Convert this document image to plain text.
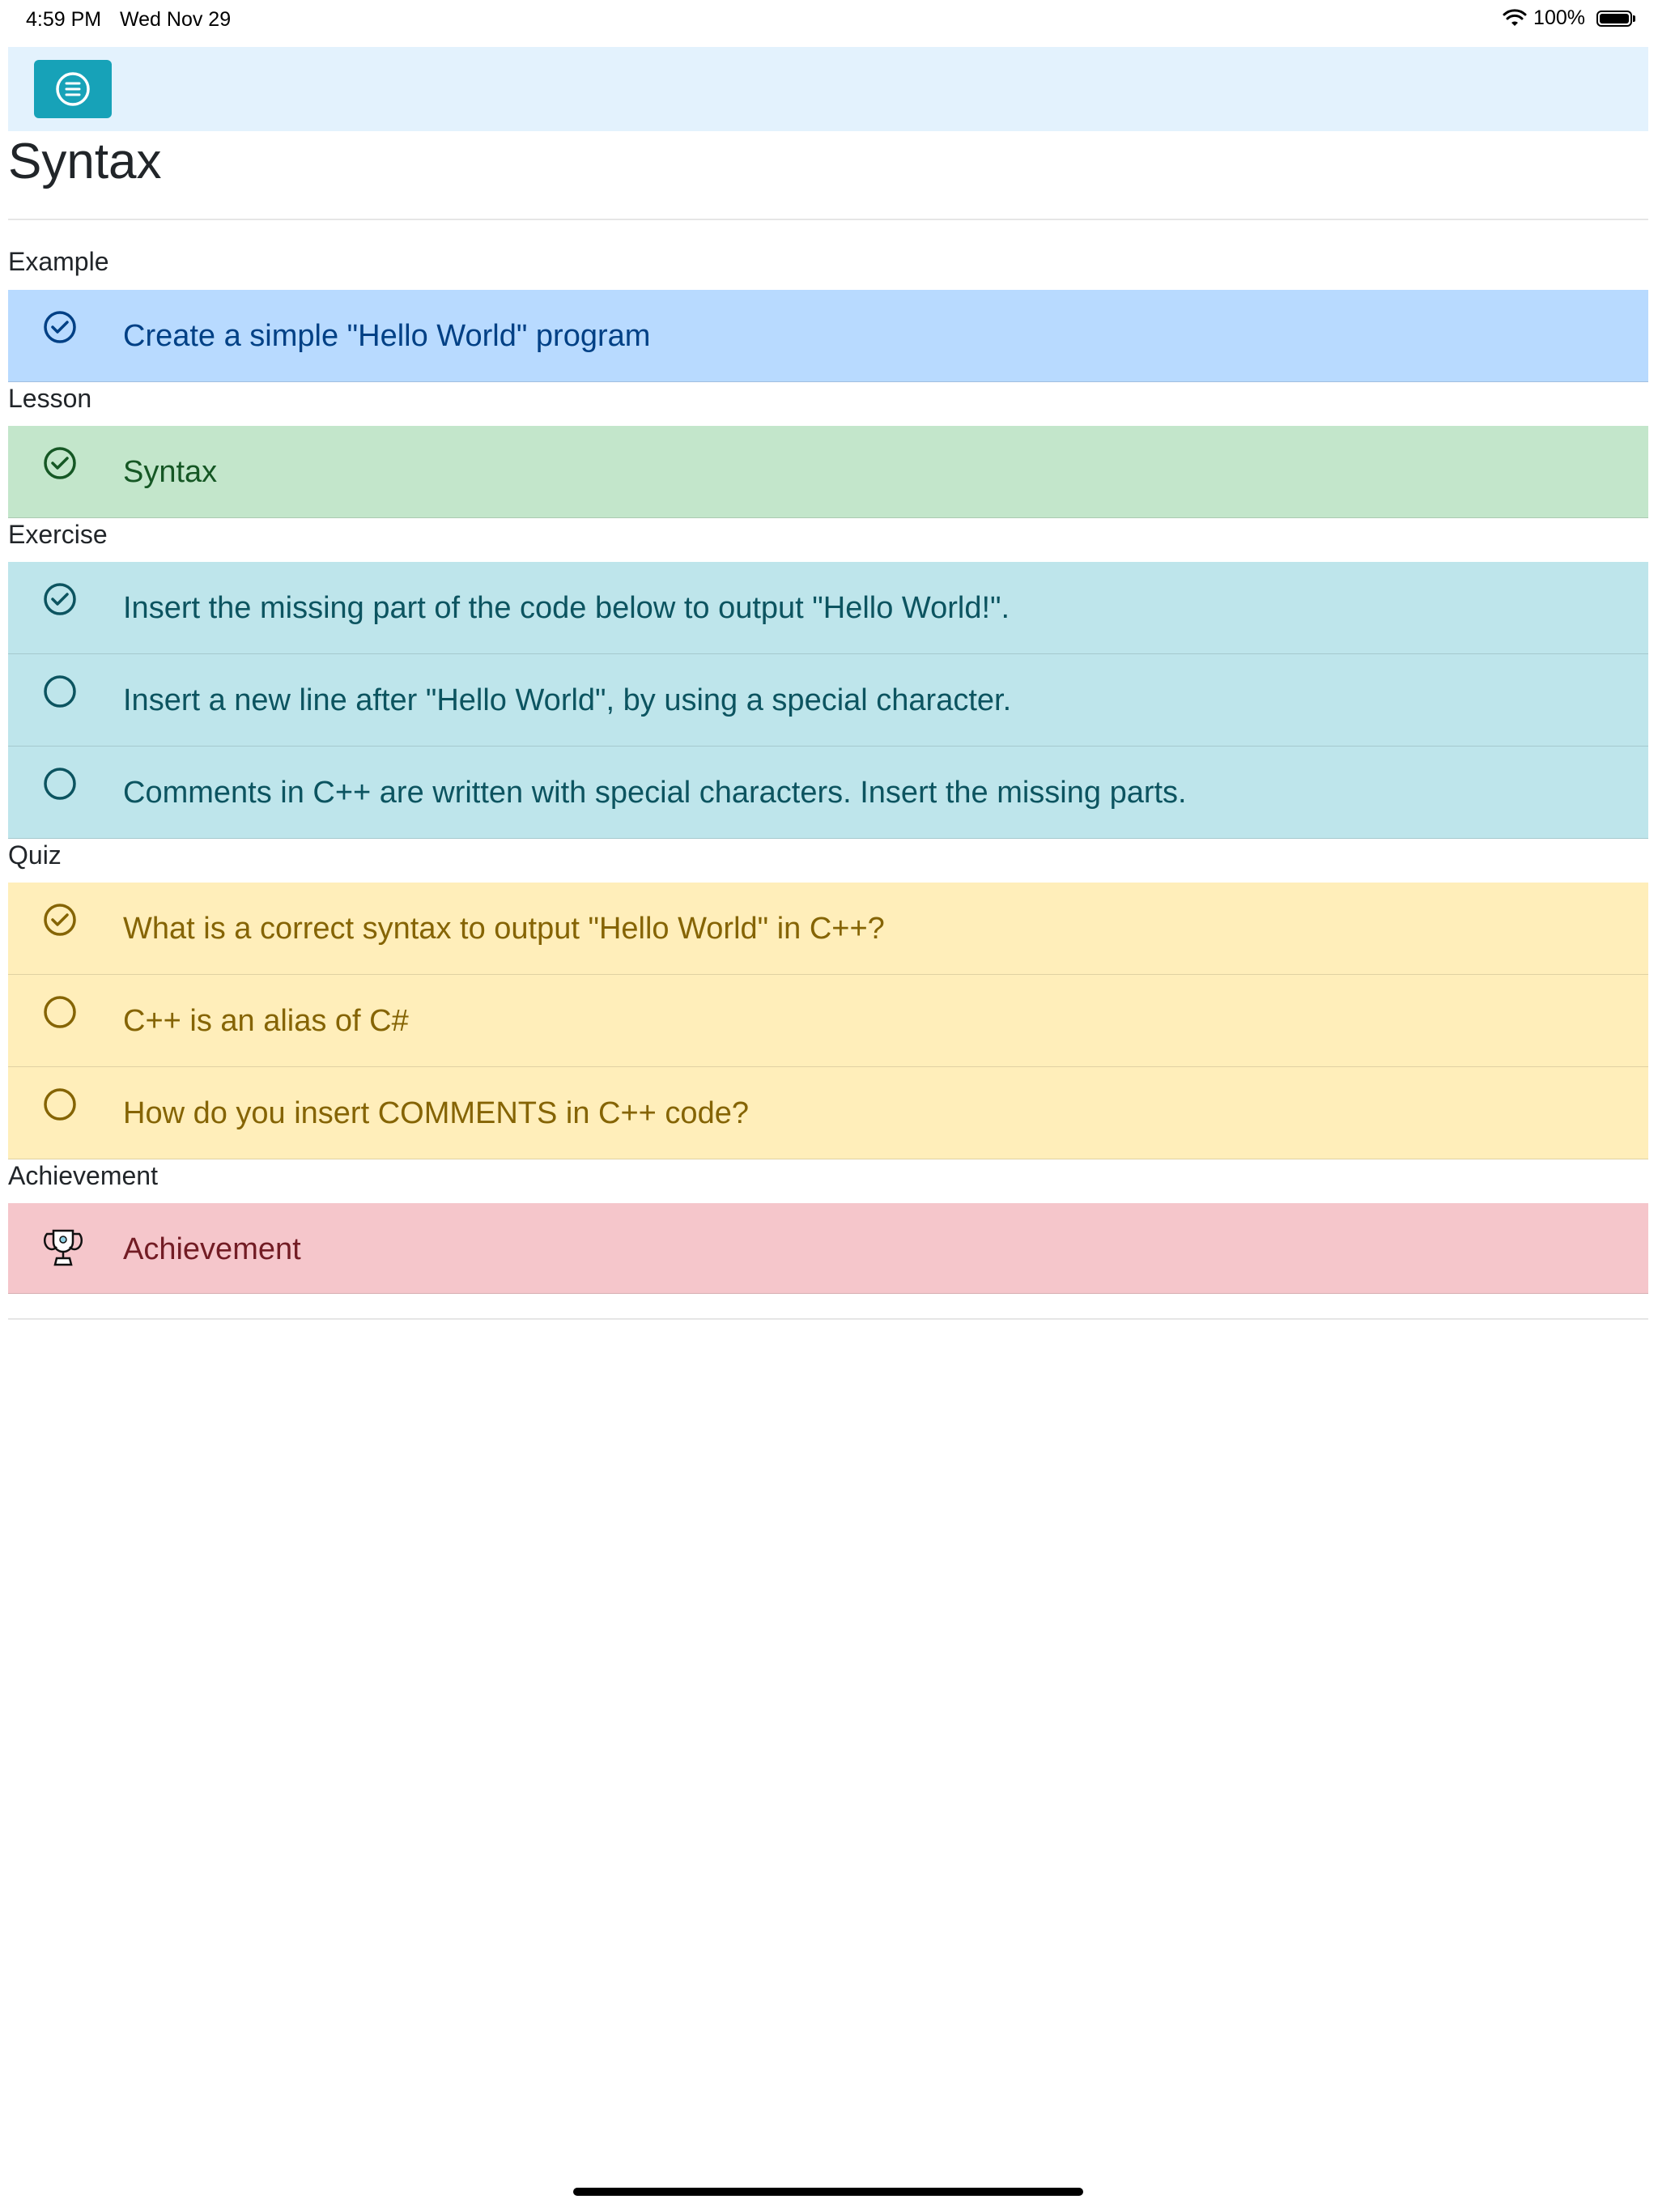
4:59 PM Wed Nov 29	100%
Syntax
Example
Create a simple "Hello World" program
Lesson
Syntax
Exercise
Insert the missing part of the code below to output "Hello World!".
Insert a new line after "Hello World", by using a special character.
Comments in C++ are written with special characters. Insert the missing parts.
Quiz
What is a correct syntax to output "Hello World" in C++?
C++ is an alias of C#
How do you insert COMMENTS in C++ code?
Achievement
Achievement
